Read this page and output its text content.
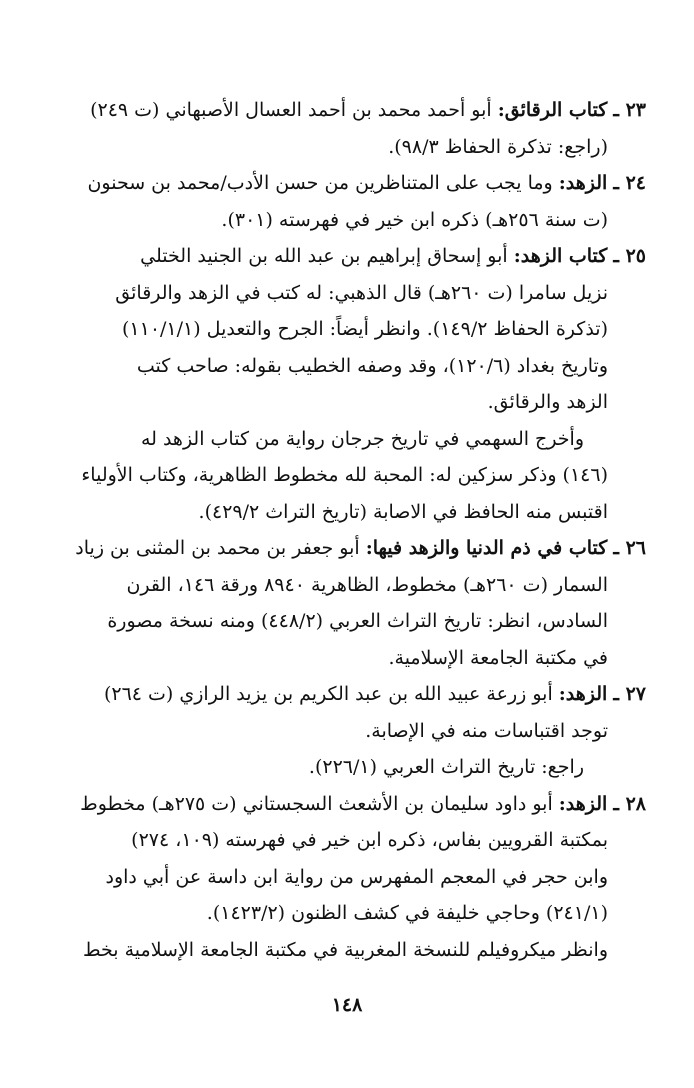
٢٣ ـ كتاب الرقائق: أبو أحمد محمد بن أحمد العسال الأصبهاني (ت ٢٤٩)
(راجع: تذكرة الحفاظ ٩٨/٣).
٢٤ ـ الزهد: وما يجب على المتناظرين من حسن الأدب/محمد بن سحنون
(ت سنة ٢٥٦هـ) ذكره ابن خير في فهرسته (٣٠١).
٢٥ ـ كتاب الزهد: أبو إسحاق إبراهيم بن عبد الله بن الجنيد الختلي
نزيل سامرا (ت ٢٦٠هـ) قال الذهبي: له كتب في الزهد والرقائق
(تذكرة الحفاظ ١٤٩/٢). وانظر أيضاً: الجرح والتعديل (١١٠/١/١)
وتاريخ بغداد (١٢٠/٦)، وقد وصفه الخطيب بقوله: صاحب كتب
الزهد والرقائق.
وأخرج السهمي في تاريخ جرجان رواية من كتاب الزهد له
(١٤٦) وذكر سزكين له: المحبة لله مخطوط الظاهرية، وكتاب الأولياء
اقتبس منه الحافظ في الاصابة (تاريخ التراث ٤٢٩/٢).
٢٦ ـ كتاب في ذم الدنيا والزهد فيها: أبو جعفر بن محمد بن المثنى بن زياد
السمار (ت ٢٦٠هـ) مخطوط، الظاهرية ٨٩٤٠ ورقة ١٤٦، القرن
السادس، انظر: تاريخ التراث العربي (٤٤٨/٢) ومنه نسخة مصورة
في مكتبة الجامعة الإسلامية.
٢٧ ـ الزهد: أبو زرعة عبيد الله بن عبد الكريم بن يزيد الرازي (ت ٢٦٤)
توجد اقتباسات منه في الإصابة.
راجع: تاريخ التراث العربي (٢٢٦/١).
٢٨ ـ الزهد: أبو داود سليمان بن الأشعث السجستاني (ت ٢٧٥هـ) مخطوط
بمكتبة القرويين بفاس، ذكره ابن خير في فهرسته (١٠٩، ٢٧٤)
وابن حجر في المعجم المفهرس من رواية ابن داسة عن أبي داود
(٢٤١/١) وحاجي خليفة في كشف الظنون (١٤٢٣/٢).
وانظر ميكروفيلم للنسخة المغربية في مكتبة الجامعة الإسلامية بخط
١٤٨
